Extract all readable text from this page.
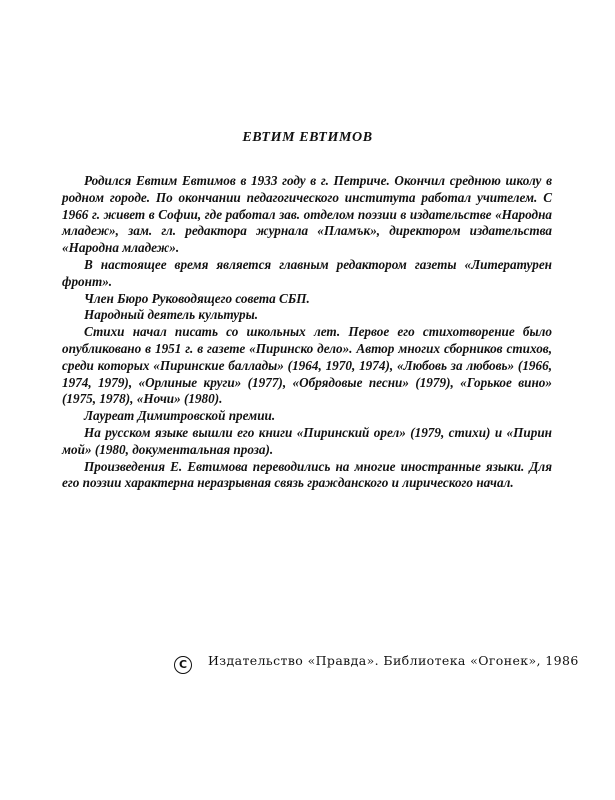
ЕВТИМ ЕВТИМОВ

Родился Евтим Евтимов в 1933 году в г. Петриче. Окончил среднюю школу в родном городе. По окончании педагогического института работал учителем. С 1966 г. живет в Софии, где работал зав. отделом поэзии в издательстве «Народна младеж», зам. гл. редактора журнала «Пламък», директором издательства «Народна младеж».

В настоящее время является главным редактором газеты «Литературен фронт».

Член Бюро Руководящего совета СБП.

Народный деятель культуры.

Стихи начал писать со школьных лет. Первое его стихотворение было опубликовано в 1951 г. в газете «Пиринско дело». Автор многих сборников стихов, среди которых «Пиринские баллады» (1964, 1970, 1974), «Любовь за любовь» (1966, 1974, 1979), «Орлиные круги» (1977), «Обрядовые песни» (1979), «Горькое вино» (1975, 1978), «Ночи» (1980).

Лауреат Димитровской премии.

На русском языке вышли его книги «Пиринский орел» (1979, стихи) и «Пирин мой» (1980, документальная проза).

Произведения Е. Евтимова переводились на многие иностранные языки. Для его поэзии характерна неразрывная связь гражданского и лирического начал.

C Издательство «Правда». Библиотека «Огонек», 1986
